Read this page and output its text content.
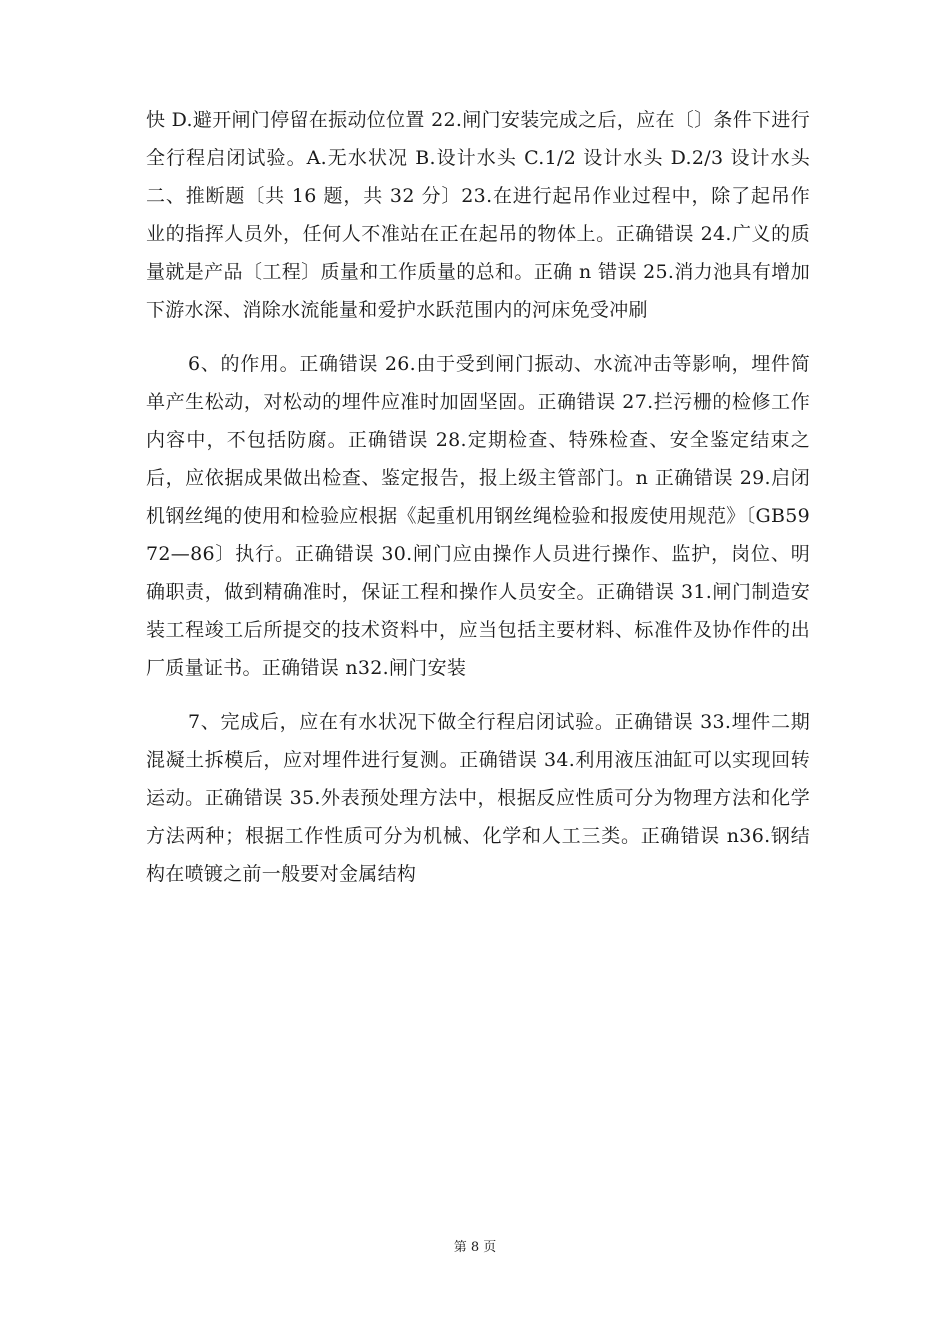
快 D.避开闸门停留在振动位位置 22.闸门安装完成之后，应在〔〕条件下进行全行程启闭试验。A.无水状况 B.设计水头 C.1/2 设计水头 D.2/3 设计水头二、推断题〔共 16 题，共 32 分〕23.在进行起吊作业过程中，除了起吊作业的指挥人员外，任何人不准站在正在起吊的物体上。正确错误 24.广义的质量就是产品〔工程〕质量和工作质量的总和。正确 n 错误 25.消力池具有增加下游水深、消除水流能量和爱护水跃范围内的河床免受冲刷

6、的作用。正确错误 26.由于受到闸门振动、水流冲击等影响，埋件简单产生松动，对松动的埋件应准时加固坚固。正确错误 27.拦污栅的检修工作内容中，不包括防腐。正确错误 28.定期检查、特殊检查、安全鉴定结束之后，应依据成果做出检查、鉴定报告，报上级主管部门。n 正确错误 29.启闭机钢丝绳的使用和检验应根据《起重机用钢丝绳检验和报废使用规范》〔GB5972—86〕执行。正确错误 30.闸门应由操作人员进行操作、监护，岗位、明确职责，做到精确准时，保证工程和操作人员安全。正确错误 31.闸门制造安装工程竣工后所提交的技术资料中，应当包括主要材料、标准件及协作件的出厂质量证书。正确错误 n32.闸门安装

7、完成后，应在有水状况下做全行程启闭试验。正确错误 33.埋件二期混凝土拆模后，应对埋件进行复测。正确错误 34.利用液压油缸可以实现回转运动。正确错误 35.外表预处理方法中，根据反应性质可分为物理方法和化学方法两种；根据工作性质可分为机械、化学和人工三类。正确错误 n36.钢结构在喷镀之前一般要对金属结构

第 8 页
